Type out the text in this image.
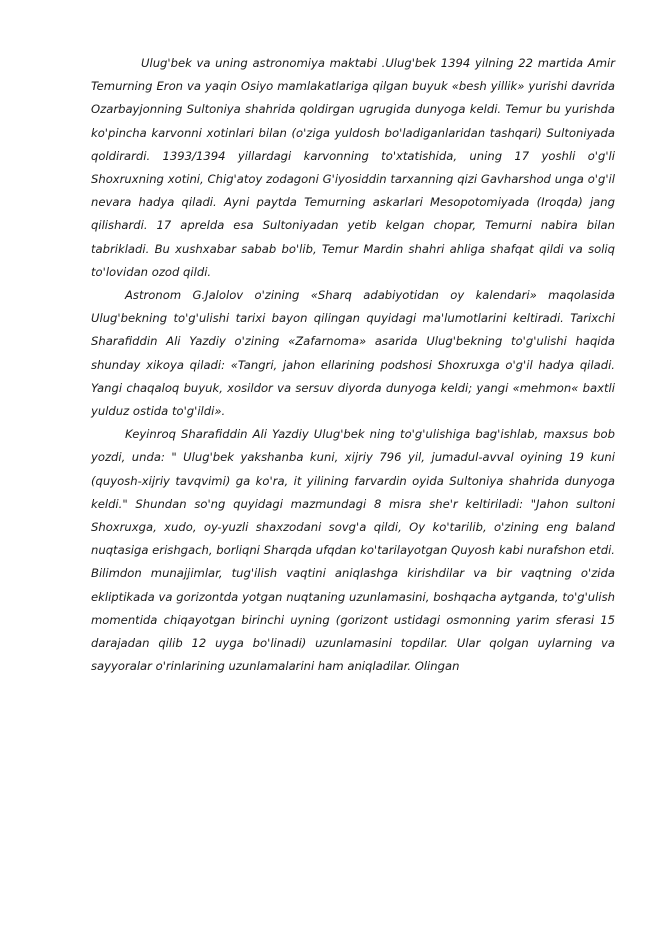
Ulug'bek va uning astronomiya maktabi .Ulug'bek 1394 yilning 22 martida Amir Temurning Eron va yaqin Osiyo mamlakatlariga qilgan buyuk «besh yillik» yurishi davrida Ozarbayjonning Sultoniya shahrida qoldirgan ugrugida dunyoga keldi. Temur bu yurishda ko'pincha karvonni xotinlari bilan (o'ziga yuldosh bo'ladiganlaridan tashqari) Sultoniyada qoldirardi. 1393/1394 yillardagi karvonning to'xtatishida, uning 17 yoshli o'g'li Shoxruxning xotini, Chig'atoy zodagoni G'iyosiddin tarxanning qizi Gavharshod unga o'g'il nevara hadya qiladi. Ayni paytda Temurning askarlari Mesopotomiyada (Iroqda) jang qilishardi. 17 aprelda esa Sultoniyadan yetib kelgan chopar, Temurni nabira bilan tabrikladi. Bu xushxabar sabab bo'lib, Temur Mardin shahri ahliga shafqat qildi va soliq to'lovidan ozod qildi.

Astronom G.Jalolov o'zining «Sharq adabiyotidan oy kalendari» maqolasida Ulug'bekning to'g'ulishi tarixi bayon qilingan quyidagi ma'lumotlarini keltiradi. Tarixchi Sharafiddin Ali Yazdiy o'zining «Zafarnoma» asarida Ulug'bekning to'g'ulishi haqida shunday xikoya qiladi: «Tangri, jahon ellarining podshosi Shoxruxga o'g'il hadya qiladi. Yangi chaqaloq buyuk, xosildor va sersuv diyorda dunyoga keldi; yangi «mehmon« baxtli yulduz ostida to'g'ildi».

Keyinroq Sharafiddin Ali Yazdiy Ulug'bek ning to'g'ulishiga bag'ishlab, maxsus bob yozdi, unda: " Ulug'bek yakshanba kuni, xijriy 796 yil, jumadul-avval oyining 19 kuni (quyosh-xijriy tavqvimi) ga ko'ra, it yilining farvardin oyida Sultoniya shahrida dunyoga keldi." Shundan so'ng quyidagi mazmundagi 8 misra she'r keltiriladi: "Jahon sultoni Shoxruxga, xudo, oy-yuzli shaxzodani sovg'a qildi, Oy ko'tarilib, o'zining eng baland nuqtasiga erishgach, borliqni Sharqda ufqdan ko'tarilayotgan Quyosh kabi nurafshon etdi. Bilimdon munajjimlar, tug'ilish vaqtini aniqlashga kirishdilar va bir vaqtning o'zida ekliptikada va gorizontda yotgan nuqtaning uzunlamasini, boshqacha aytganda, to'g'ulish momentida chiqayotgan birinchi uyning (gorizont ustidagi osmonning yarim sferasi 15 darajadan qilib 12 uyga bo'linadi) uzunlamasini topdilar. Ular qolgan uylarning va sayyoralar o'rinlarining uzunlamalarini ham aniqladilar. Olingan
